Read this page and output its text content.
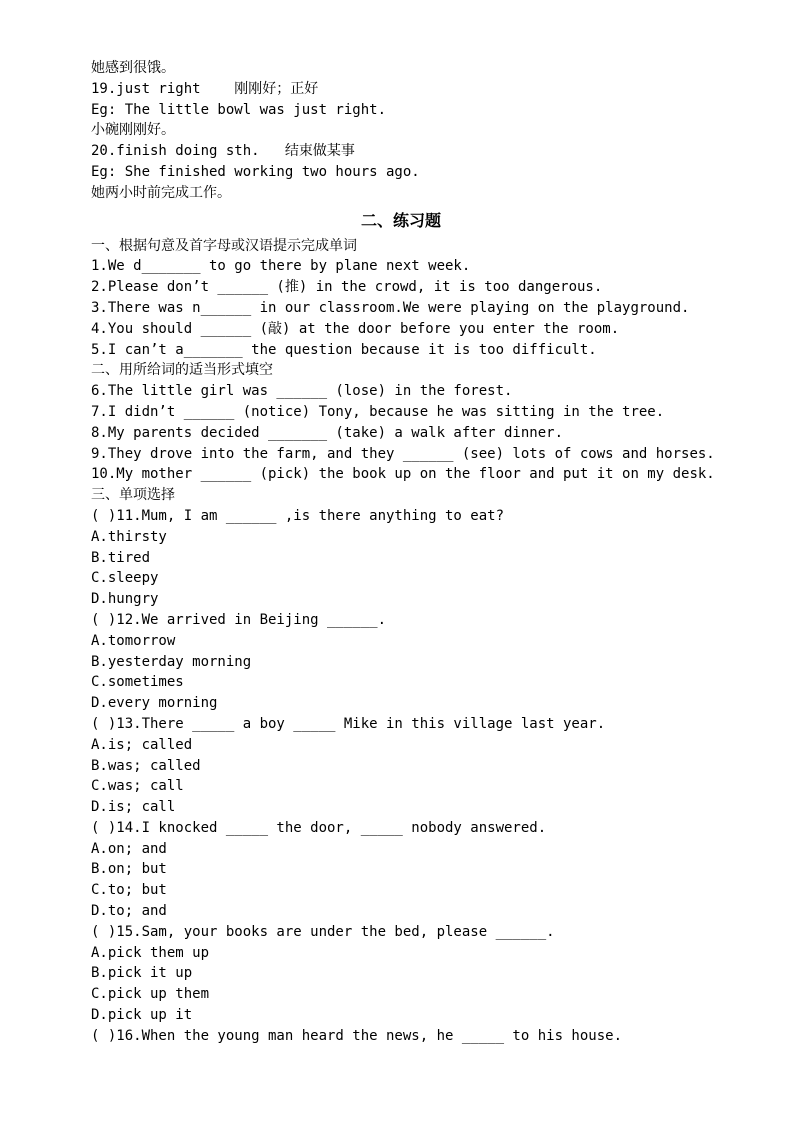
她感到很饿。
19.just right    刚刚好；正好
Eg: The little bowl was just right.
小碗刚刚好。
20.finish doing sth.   结束做某事
Eg: She finished working two hours ago.
她两小时前完成工作。
二、练习题
一、根据句意及首字母或汉语提示完成单词
1.We d_______ to go there by plane next week.
2.Please don’t ______ (推) in the crowd, it is too dangerous.
3.There was n______ in our classroom.We were playing on the playground.
4.You should ______ (敲) at the door before you enter the room.
5.I can’t a_______ the question because it is too difficult.
二、用所给词的适当形式填空
6.The little girl was ______ (lose) in the forest.
7.I didn’t ______ (notice) Tony, because he was sitting in the tree.
8.My parents decided _______ (take) a walk after dinner.
9.They drove into the farm, and they ______ (see) lots of cows and horses.
10.My mother ______ (pick) the book up on the floor and put it on my desk.
三、单项选择
( )11.Mum, I am ______ ,is there anything to eat?
A.thirsty
B.tired
C.sleepy
D.hungry
( )12.We arrived in Beijing ______.
A.tomorrow
B.yesterday morning
C.sometimes
D.every morning
( )13.There _____ a boy _____ Mike in this village last year.
A.is; called
B.was; called
C.was; call
D.is; call
( )14.I knocked _____ the door, _____ nobody answered.
A.on; and
B.on; but
C.to; but
D.to; and
( )15.Sam, your books are under the bed, please ______.
A.pick them up
B.pick it up
C.pick up them
D.pick up it
( )16.When the young man heard the news, he _____ to his house.
